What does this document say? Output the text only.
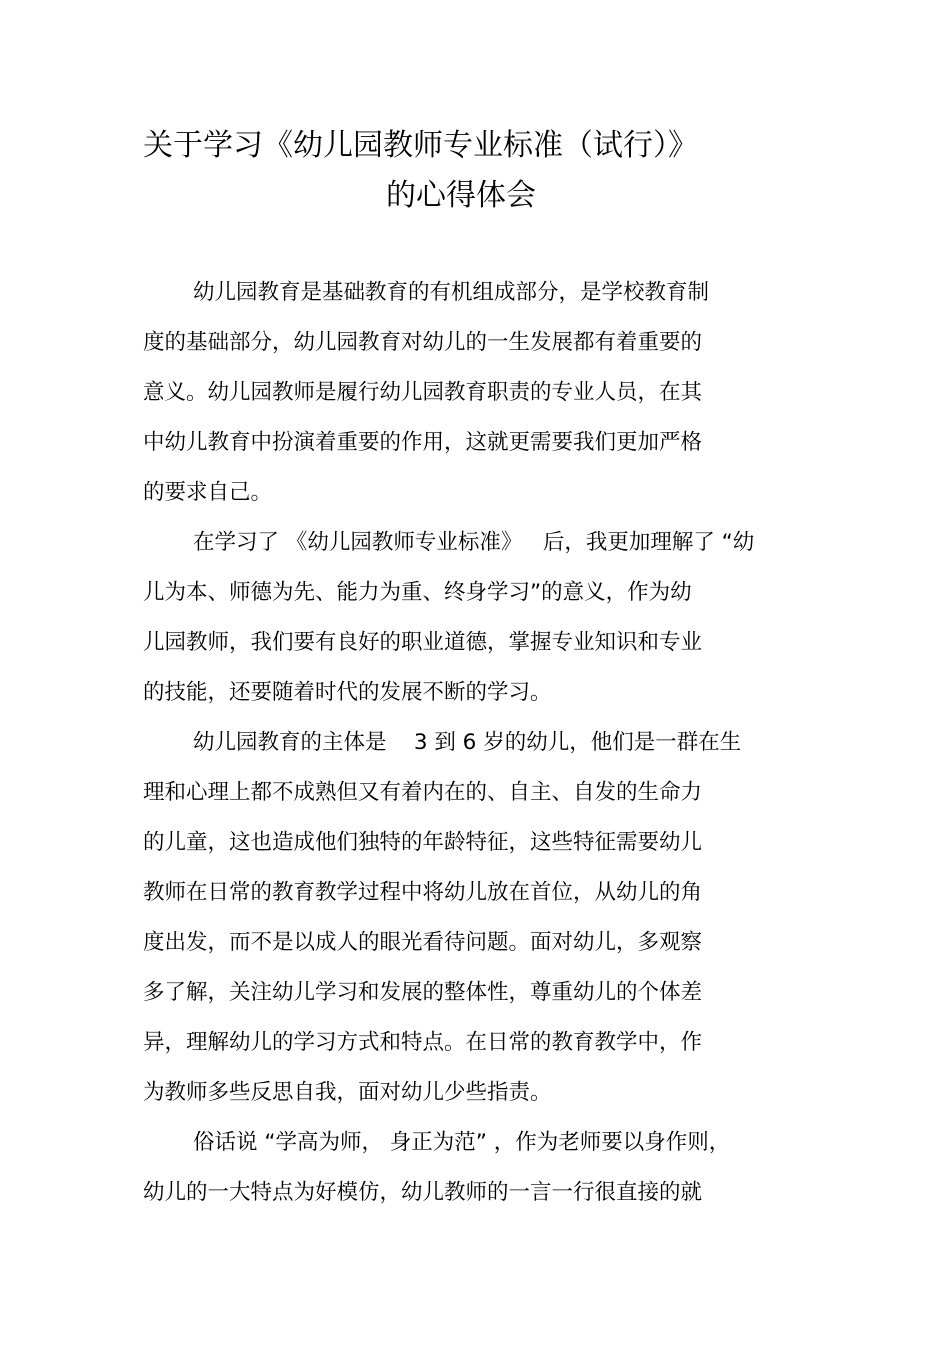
关于学习《幼儿园教师专业标准（试行）》
的心得体会
幼儿园教育是基础教育的有机组成部分，是学校教育制
度的基础部分，幼儿园教育对幼儿的一生发展都有着重要的
意义。幼儿园教师是履行幼儿园教育职责的专业人员，在其
中幼儿教育中扮演着重要的作用，这就更需要我们更加严格
的要求自己。
在学习了 《幼儿园教师专业标准》   后，我更加理解了 “幼
儿为本、师德为先、能力为重、终身学习”的意义，作为幼
儿园教师，我们要有良好的职业道德，掌握专业知识和专业
的技能，还要随着时代的发展不断的学习。
幼儿园教育的主体是    3 到 6 岁的幼儿，他们是一群在生
理和心理上都不成熟但又有着内在的、自主、自发的生命力
的儿童，这也造成他们独特的年龄特征，这些特征需要幼儿
教师在日常的教育教学过程中将幼儿放在首位，从幼儿的角
度出发，而不是以成人的眼光看待问题。面对幼儿，多观察
多了解，关注幼儿学习和发展的整体性，尊重幼儿的个体差
异，理解幼儿的学习方式和特点。在日常的教育教学中，作
为教师多些反思自我，面对幼儿少些指责。
俗话说 “学高为师， 身正为范” ，作为老师要以身作则，
幼儿的一大特点为好模仿，幼儿教师的一言一行很直接的就
